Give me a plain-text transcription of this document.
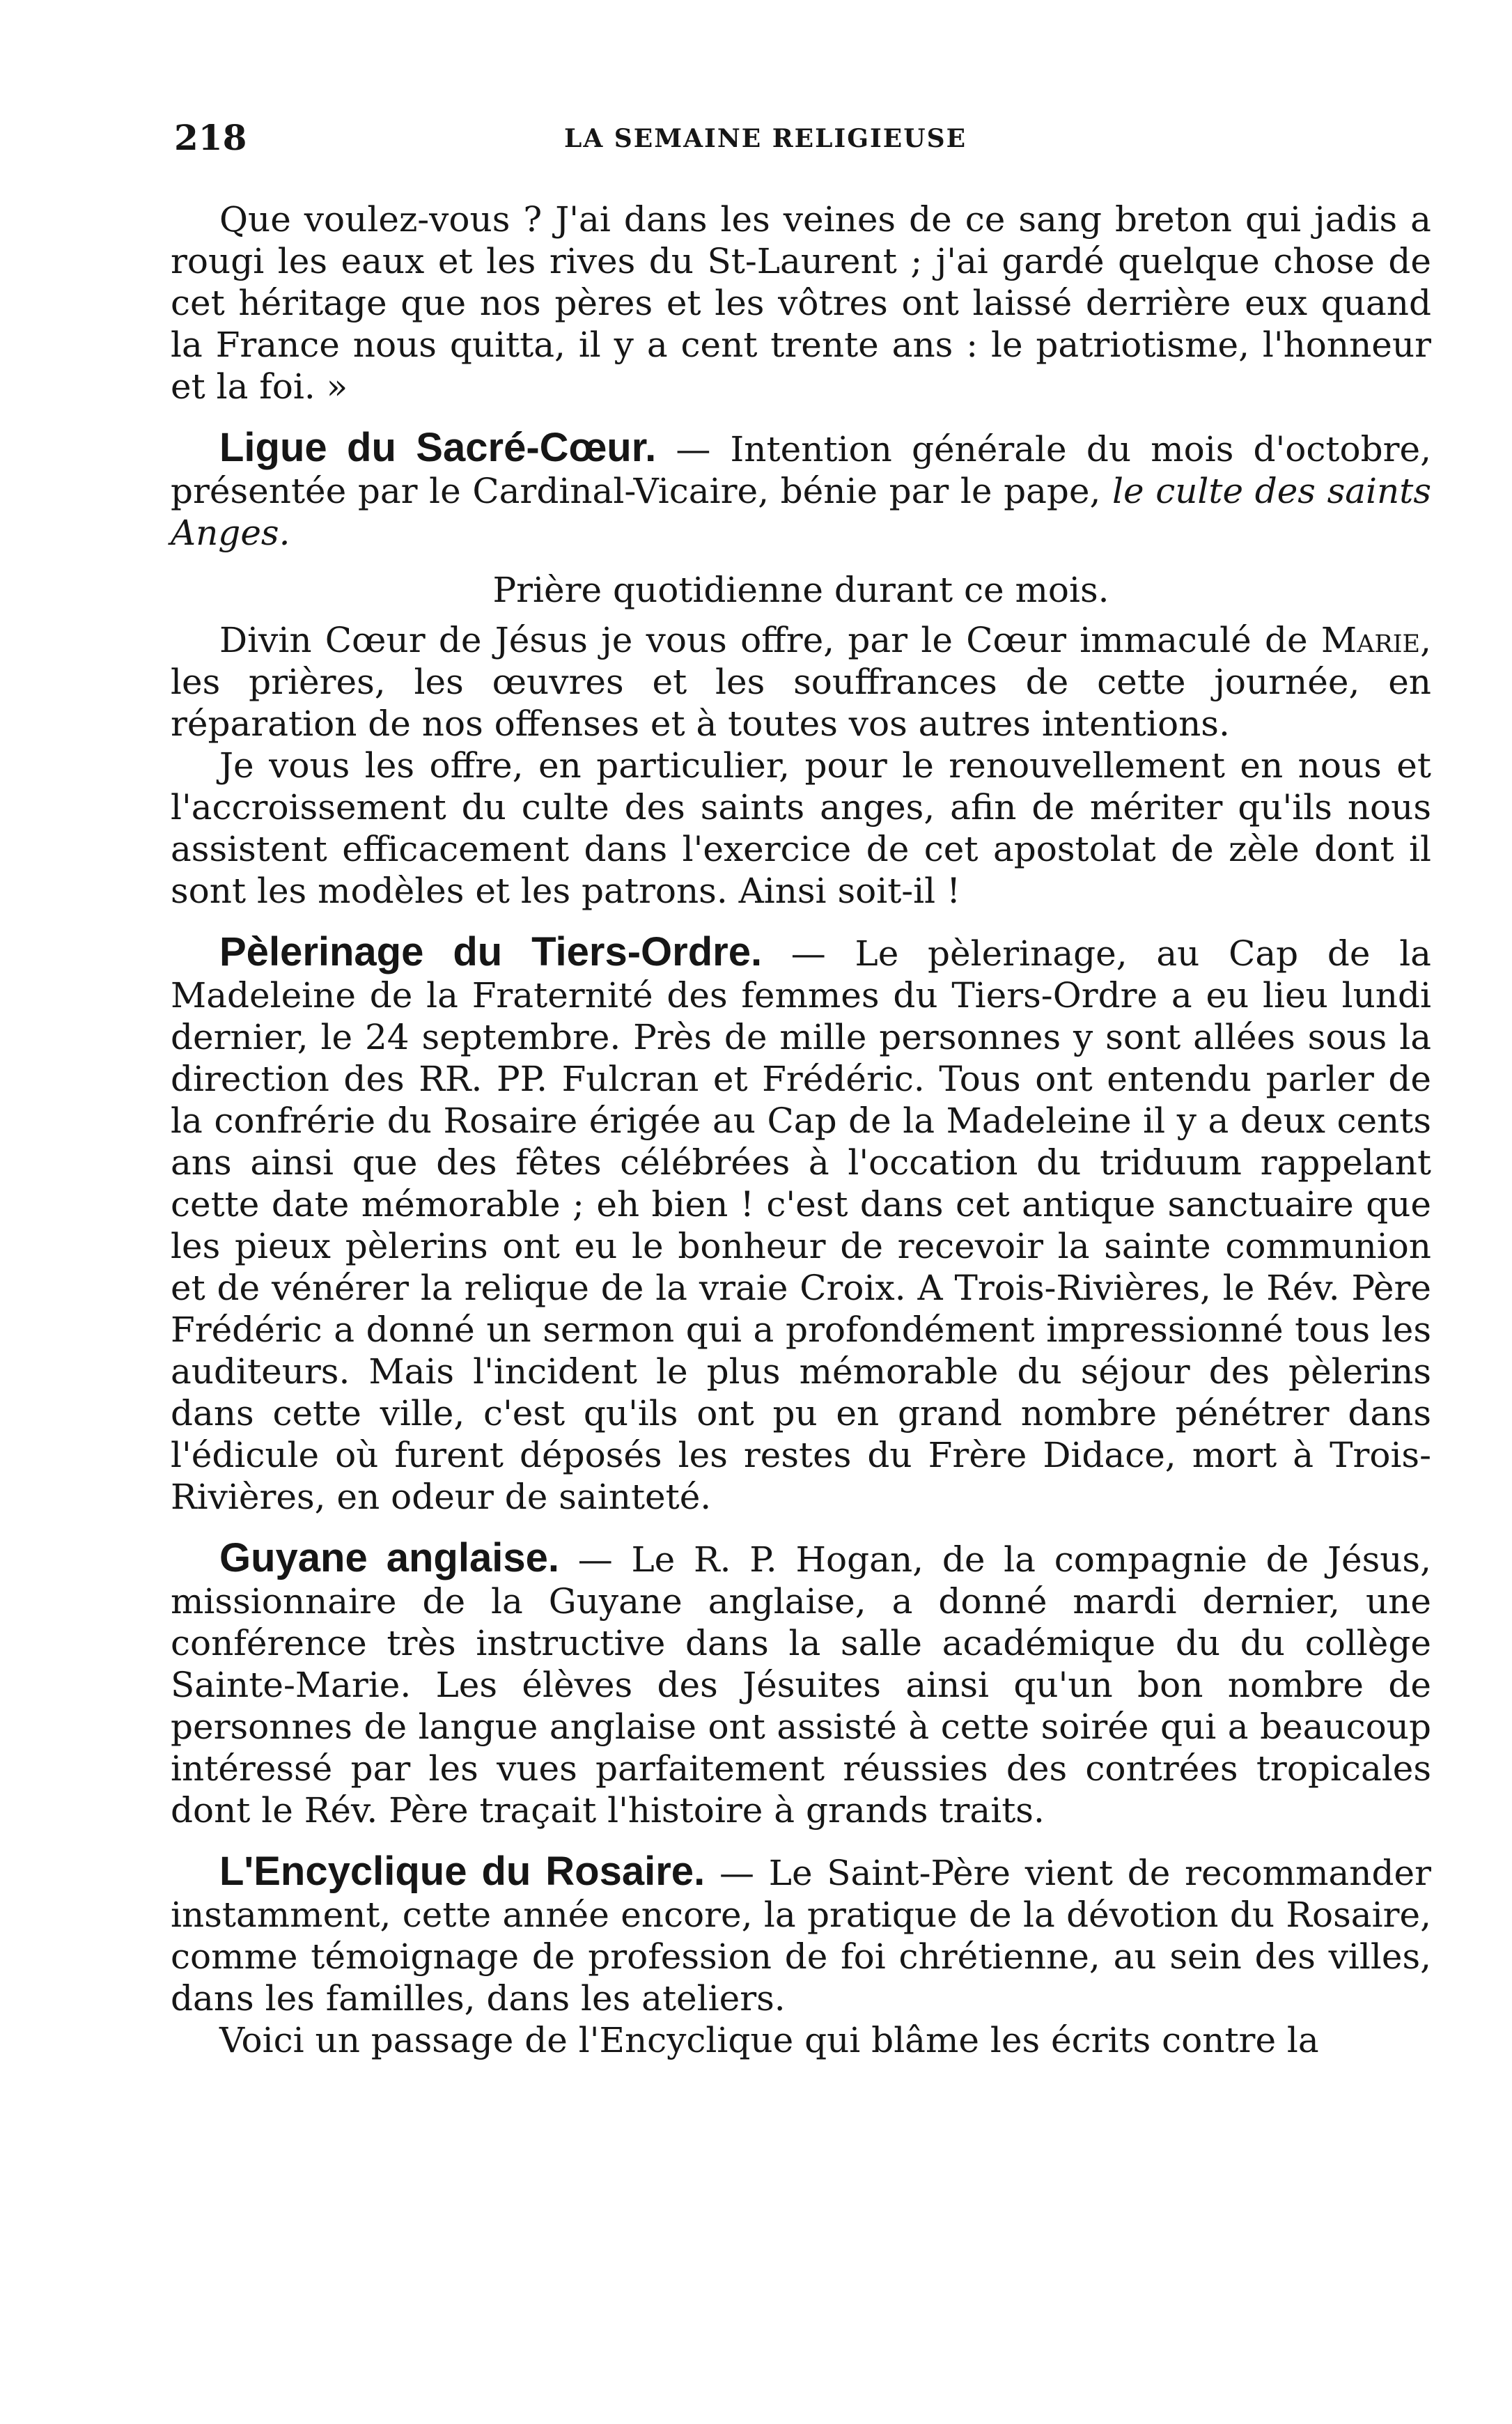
218	LA SEMAINE RELIGIEUSE

Que voulez-vous ? J'ai dans les veines de ce sang breton qui jadis a rougi les eaux et les rives du St-Laurent ; j'ai gardé quelque chose de cet héritage que nos pères et les vôtres ont laissé derrière eux quand la France nous quitta, il y a cent trente ans : le patriotisme, l'honneur et la foi. »

Ligue du Sacré-Cœur. — Intention générale du mois d'octobre, présentée par le Cardinal-Vicaire, bénie par le pape, le culte des saints Anges.

Prière quotidienne durant ce mois.

Divin Cœur de Jésus je vous offre, par le Cœur immaculé de Marie, les prières, les œuvres et les souffrances de cette journée, en réparation de nos offenses et à toutes vos autres intentions.

Je vous les offre, en particulier, pour le renouvellement en nous et l'accroissement du culte des saints anges, afin de mériter qu'ils nous assistent efficacement dans l'exercice de cet apostolat de zèle dont il sont les modèles et les patrons. Ainsi soit-il !

Pèlerinage du Tiers-Ordre. — Le pèlerinage, au Cap de la Madeleine de la Fraternité des femmes du Tiers-Ordre a eu lieu lundi dernier, le 24 septembre. Près de mille personnes y sont allées sous la direction des RR. PP. Fulcran et Frédéric. Tous ont entendu parler de la confrérie du Rosaire érigée au Cap de la Madeleine il y a deux cents ans ainsi que des fêtes célébrées à l'occation du triduum rappelant cette date mémorable ; eh bien ! c'est dans cet antique sanctuaire que les pieux pèlerins ont eu le bonheur de recevoir la sainte communion et de vénérer la relique de la vraie Croix. A Trois-Rivières, le Rév. Père Frédéric a donné un sermon qui a profondément impressionné tous les auditeurs. Mais l'incident le plus mémorable du séjour des pèlerins dans cette ville, c'est qu'ils ont pu en grand nombre pénétrer dans l'édicule où furent déposés les restes du Frère Didace, mort à Trois-Rivières, en odeur de sainteté.

Guyane anglaise. — Le R. P. Hogan, de la compagnie de Jésus, missionnaire de la Guyane anglaise, a donné mardi dernier, une conférence très instructive dans la salle académique du du collège Sainte-Marie. Les élèves des Jésuites ainsi qu'un bon nombre de personnes de langue anglaise ont assisté à cette soirée qui a beaucoup intéressé par les vues parfaitement réussies des contrées tropicales dont le Rév. Père traçait l'histoire à grands traits.

L'Encyclique du Rosaire. — Le Saint-Père vient de recommander instamment, cette année encore, la pratique de la dévotion du Rosaire, comme témoignage de profession de foi chrétienne, au sein des villes, dans les familles, dans les ateliers.

Voici un passage de l'Encyclique qui blâme les écrits contre la
